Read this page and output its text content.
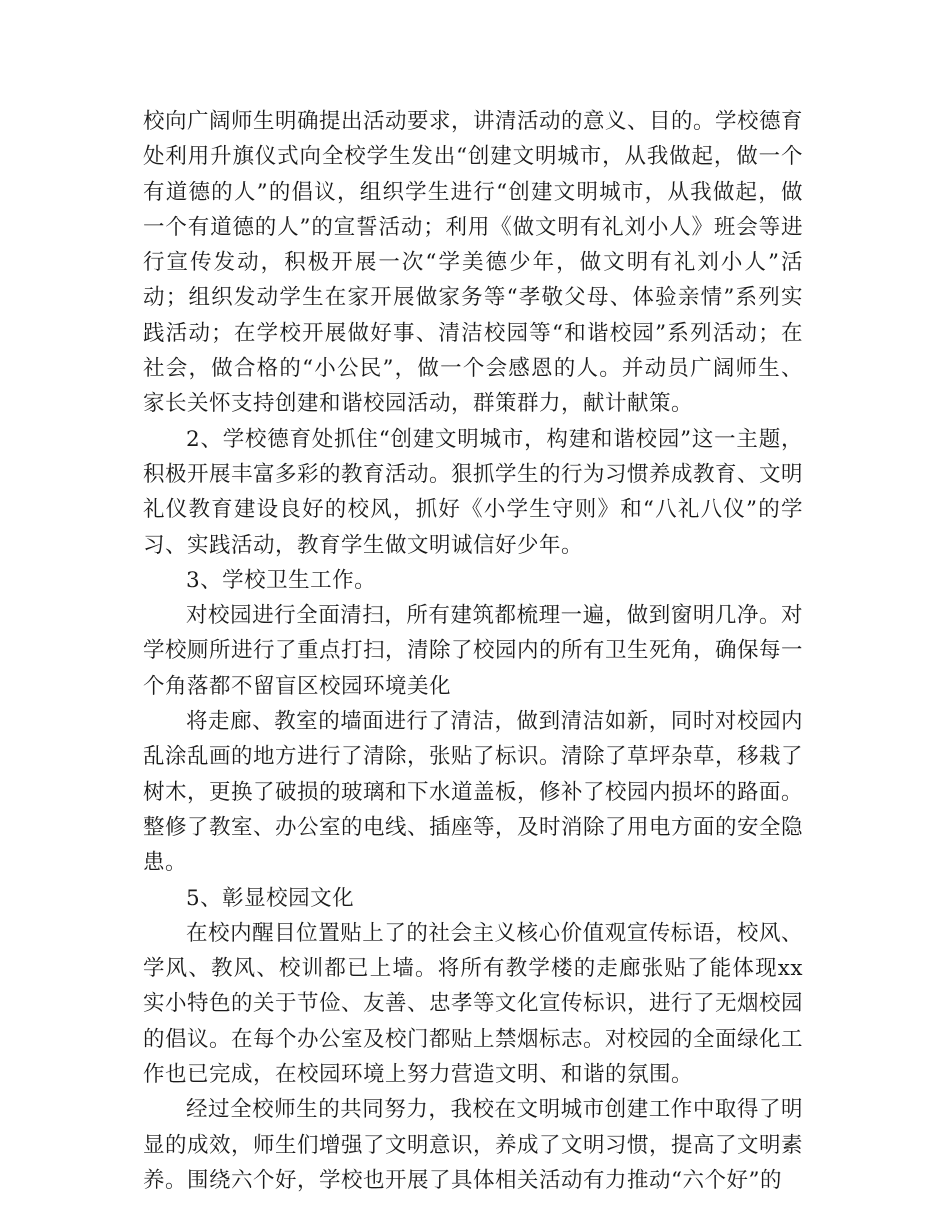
校向广阔师生明确提出活动要求，讲清活动的意义、目的。学校德育处利用升旗仪式向全校学生发出“创建文明城市，从我做起，做一个有道德的人”的倡议，组织学生进行“创建文明城市，从我做起，做一个有道德的人”的宣誓活动；利用《做文明有礼刘小人》班会等进行宣传发动，积极开展一次“学美德少年，做文明有礼刘小人”活动；组织发动学生在家开展做家务等“孝敬父母、体验亲情”系列实践活动；在学校开展做好事、清洁校园等“和谐校园”系列活动；在社会，做合格的“小公民”，做一个会感恩的人。并动员广阔师生、家长关怀支持创建和谐校园活动，群策群力，献计献策。

2、学校德育处抓住“创建文明城市，构建和谐校园”这一主题，积极开展丰富多彩的教育活动。狠抓学生的行为习惯养成教育、文明礼仪教育建设良好的校风，抓好《小学生守则》和“八礼八仪”的学习、实践活动，教育学生做文明诚信好少年。

3、学校卫生工作。

对校园进行全面清扫，所有建筑都梳理一遍，做到窗明几净。对学校厕所进行了重点打扫，清除了校园内的所有卫生死角，确保每一个角落都不留盲区校园环境美化

将走廊、教室的墙面进行了清洁，做到清洁如新，同时对校园内乱涂乱画的地方进行了清除，张贴了标识。清除了草坪杂草，移栽了树木，更换了破损的玻璃和下水道盖板，修补了校园内损坏的路面。整修了教室、办公室的电线、插座等，及时消除了用电方面的安全隐患。

5、彰显校园文化

在校内醒目位置贴上了的社会主义核心价值观宣传标语，校风、学风、教风、校训都已上墙。将所有教学楼的走廊张贴了能体现xx实小特色的关于节俭、友善、忠孝等文化宣传标识，进行了无烟校园的倡议。在每个办公室及校门都贴上禁烟标志。对校园的全面绿化工作也已完成，在校园环境上努力营造文明、和谐的氛围。

经过全校师生的共同努力，我校在文明城市创建工作中取得了明显的成效，师生们增强了文明意识，养成了文明习惯，提高了文明素养。围绕六个好，学校也开展了具体相关活动有力推动“六个好”的
